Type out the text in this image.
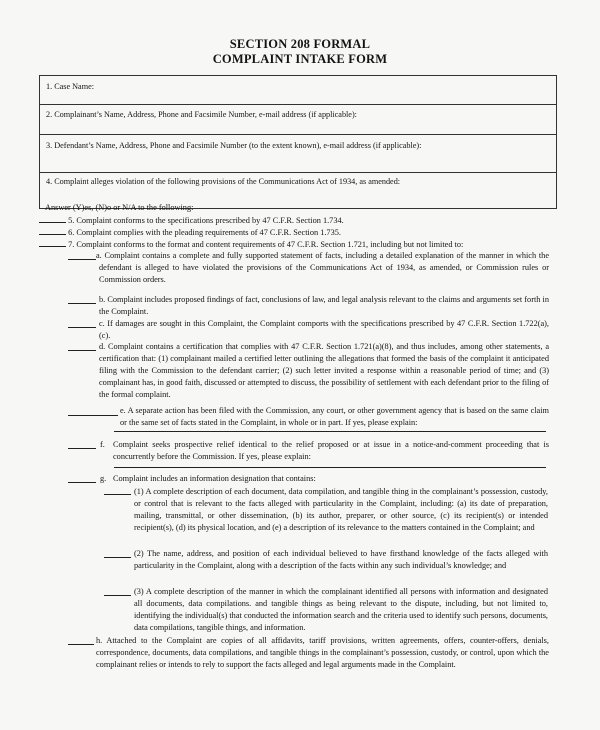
SECTION 208 FORMAL
COMPLAINT INTAKE FORM
1. Case Name:
2. Complainant’s Name, Address, Phone and Facsimile Number, e-mail address (if applicable):
3. Defendant’s Name, Address, Phone and Facsimile Number (to the extent known), e-mail address (if applicable):
4. Complaint alleges violation of the following provisions of the Communications Act of 1934, as amended:
Answer (Y)es, (N)o or N/A to the following:
5. Complaint conforms to the specifications prescribed by 47 C.F.R. Section 1.734.
6. Complaint complies with the pleading requirements of 47 C.F.R. Section 1.735.
7. Complaint conforms to the format and content requirements of 47 C.F.R. Section 1.721, including but not limited to:
a. Complaint contains a complete and fully supported statement of facts, including a detailed explanation of the manner in which the defendant is alleged to have violated the provisions of the Communications Act of 1934, as amended, or Commission rules or Commission orders.
b. Complaint includes proposed findings of fact, conclusions of law, and legal analysis relevant to the claims and arguments set forth in the Complaint.
c. If damages are sought in this Complaint, the Complaint comports with the specifications prescribed by 47 C.F.R. Section 1.722(a), (c).
d. Complaint contains a certification that complies with 47 C.F.R. Section 1.721(a)(8), and thus includes, among other statements, a certification that: (1) complainant mailed a certified letter outlining the allegations that formed the basis of the complaint it anticipated filing with the Commission to the defendant carrier; (2) such letter invited a response within a reasonable period of time; and (3) complainant has, in good faith, discussed or attempted to discuss, the possibility of settlement with each defendant prior to the filing of the formal complaint.
e. A separate action has been filed with the Commission, any court, or other government agency that is based on the same claim or the same set of facts stated in the Complaint, in whole or in part. If yes, please explain:
f. Complaint seeks prospective relief identical to the relief proposed or at issue in a notice-and-comment proceeding that is concurrently before the Commission. If yes, please explain:
g. Complaint includes an information designation that contains:
(1) A complete description of each document, data compilation, and tangible thing in the complainant’s possession, custody, or control that is relevant to the facts alleged with particularity in the Complaint, including: (a) its date of preparation, mailing, transmittal, or other dissemination, (b) its author, preparer, or other source, (c) its recipient(s) or intended recipient(s), (d) its physical location, and (e) a description of its relevance to the matters contained in the Complaint; and
(2) The name, address, and position of each individual believed to have firsthand knowledge of the facts alleged with particularity in the Complaint, along with a description of the facts within any such individual’s knowledge; and
(3) A complete description of the manner in which the complainant identified all persons with information and designated all documents, data compilations. and tangible things as being relevant to the dispute, including, but not limited to, identifying the individual(s) that conducted the information search and the criteria used to identify such persons, documents, data compilations, tangible things, and information.
h. Attached to the Complaint are copies of all affidavits, tariff provisions, written agreements, offers, counter-offers, denials, correspondence, documents, data compilations, and tangible things in the complainant’s possession, custody, or control, upon which the complainant relies or intends to rely to support the facts alleged and legal arguments made in the Complaint.
